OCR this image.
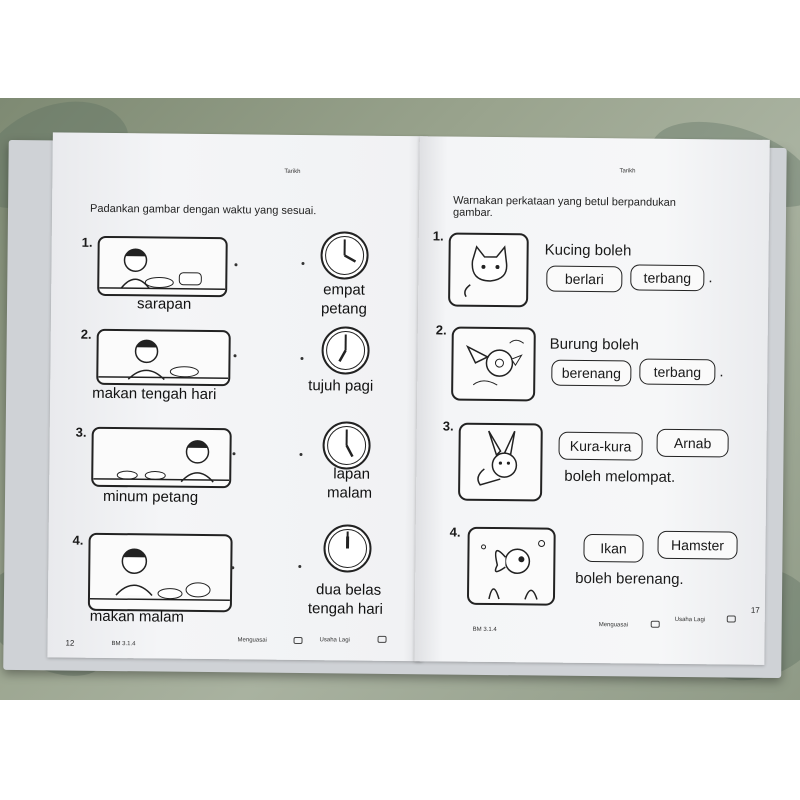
Tarikh
Padankan gambar dengan waktu yang sesuai.
1.
sarapan
2.
makan tengah hari
3.
minum petang
4.
makan malam
empat
petang
tujuh pagi
lapan
malam
dua belas
tengah hari
12	BM 3.1.4
Menguasai	Usaha Lagi
Tarikh
Warnakan perkataan yang betul berpandukan
gambar.
1.
Kucing boleh
berlari	terbang	.
2.
Burung boleh
berenang	terbang	.
3.
Kura-kura	Arnab
boleh melompat.
4.
Ikan	Hamster
boleh berenang.
BM 3.1.4
Menguasai
Usaha Lagi
17
